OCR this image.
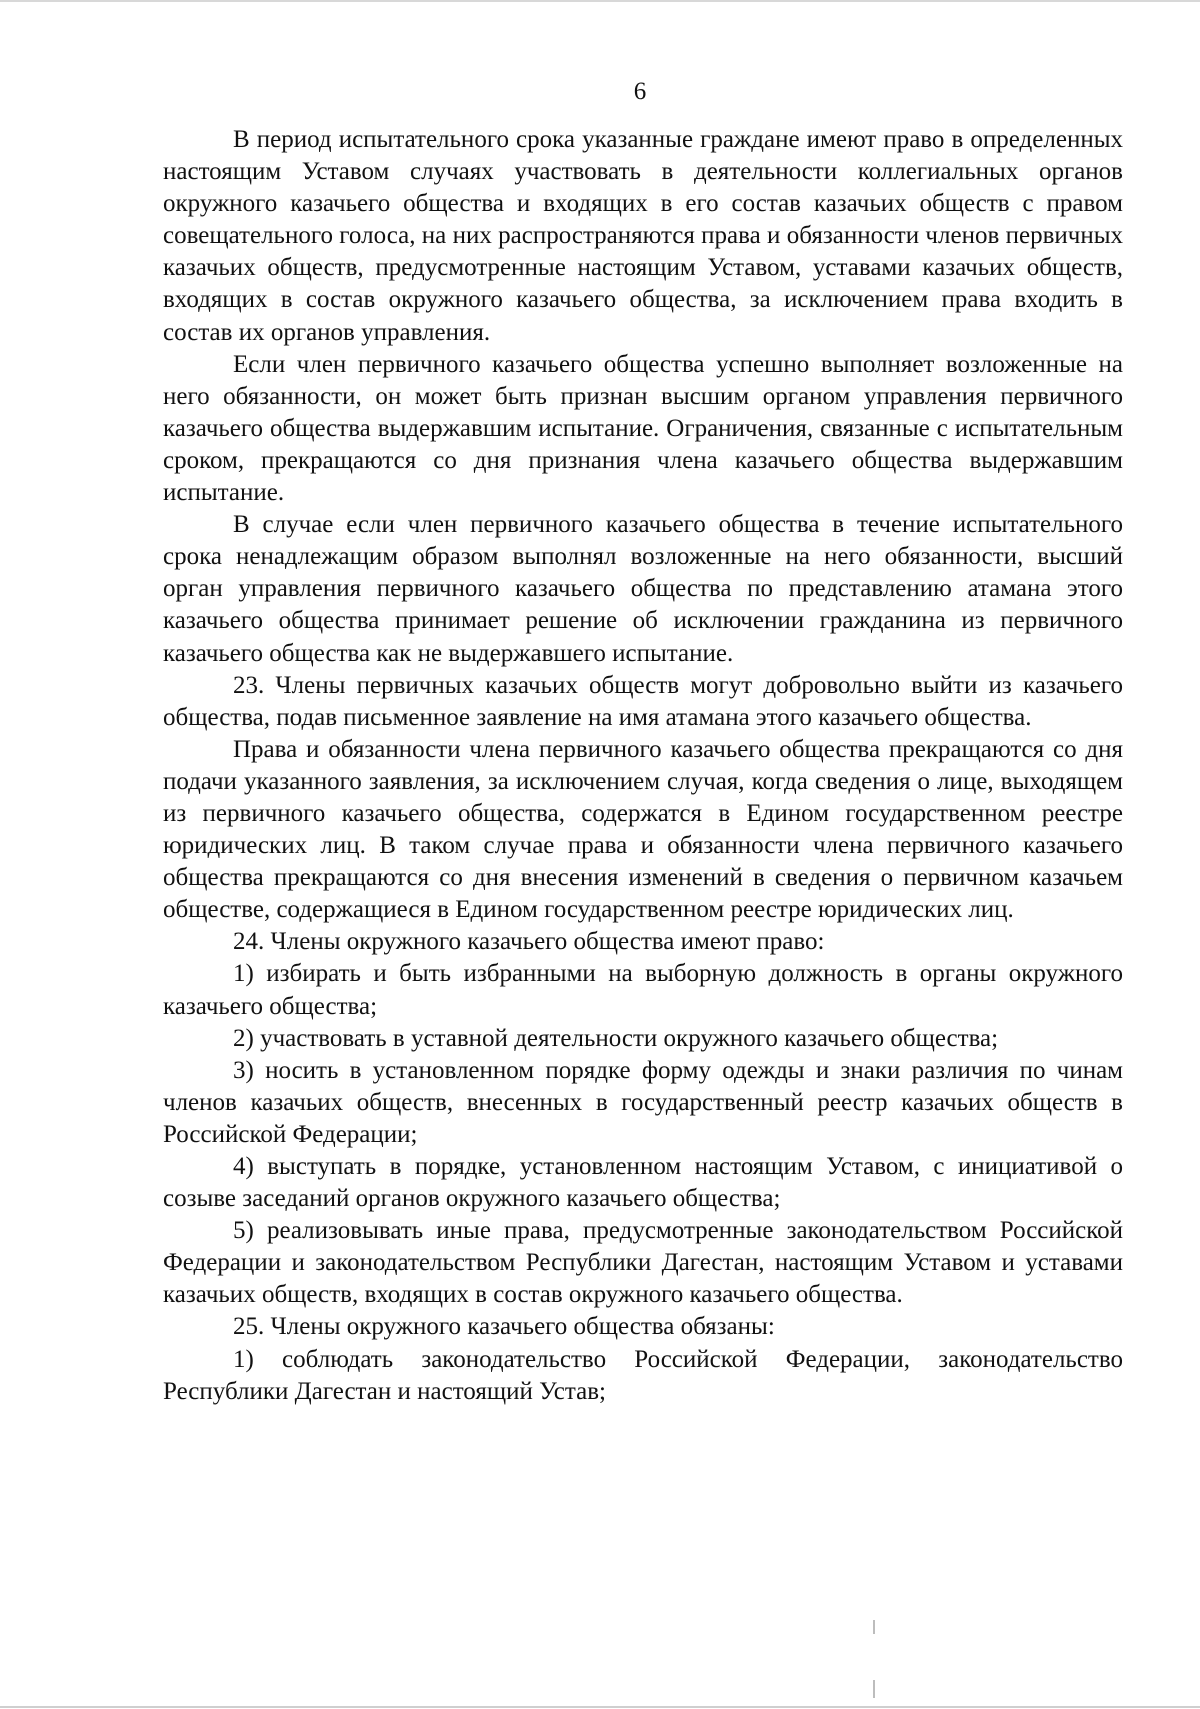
6

В период испытательного срока указанные граждане имеют право в определенных настоящим Уставом случаях участвовать в деятельности коллегиальных органов окружного казачьего общества и входящих в его состав казачьих обществ с правом совещательного голоса, на них распространяются права и обязанности членов первичных казачьих обществ, предусмотренные настоящим Уставом, уставами казачьих обществ, входящих в состав окружного казачьего общества, за исключением права входить в состав их органов управления.

Если член первичного казачьего общества успешно выполняет возложенные на него обязанности, он может быть признан высшим органом управления первичного казачьего общества выдержавшим испытание. Ограничения, связанные с испытательным сроком, прекращаются со дня признания члена казачьего общества выдержавшим испытание.

В случае если член первичного казачьего общества в течение испытательного срока ненадлежащим образом выполнял возложенные на него обязанности, высший орган управления первичного казачьего общества по представлению атамана этого казачьего общества принимает решение об исключении гражданина из первичного казачьего общества как не выдержавшего испытание.

23. Члены первичных казачьих обществ могут добровольно выйти из казачьего общества, подав письменное заявление на имя атамана этого казачьего общества.

Права и обязанности члена первичного казачьего общества прекращаются со дня подачи указанного заявления, за исключением случая, когда сведения о лице, выходящем из первичного казачьего общества, содержатся в Едином государственном реестре юридических лиц. В таком случае права и обязанности члена первичного казачьего общества прекращаются со дня внесения изменений в сведения о первичном казачьем обществе, содержащиеся в Едином государственном реестре юридических лиц.

24. Члены окружного казачьего общества имеют право:

1) избирать и быть избранными на выборную должность в органы окружного казачьего общества;

2) участвовать в уставной деятельности окружного казачьего общества;

3) носить в установленном порядке форму одежды и знаки различия по чинам членов казачьих обществ, внесенных в государственный реестр казачьих обществ в Российской Федерации;

4) выступать в порядке, установленном настоящим Уставом, с инициативой о созыве заседаний органов окружного казачьего общества;

5) реализовывать иные права, предусмотренные законодательством Российской Федерации и законодательством Республики Дагестан, настоящим Уставом и уставами казачьих обществ, входящих в состав окружного казачьего общества.

25. Члены окружного казачьего общества обязаны:

1) соблюдать законодательство Российской Федерации, законодательство Республики Дагестан и настоящий Устав;
